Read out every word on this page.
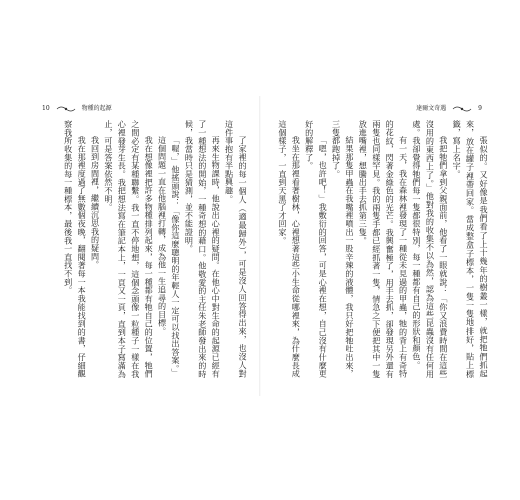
10	物種的起源

了家裡的每一個人（適最歸外），可是沒人回答得出來，也沒人對這件事抱有半點興趣。

再來生物課時，他說出心裡的疑問。在他心中對生命的起源已經有了一種想法的開始，一種奇想的藉口。他敬愛的主任朱老師發出來的時候，我當時只是猜測，並不能證明。

「喔，」他搖頭說：「像你這麼聰明的年輕人一定可以找出答案。」

這個問題一直在他腦裡打轉，成為他一生追尋的目標。

我在想像裡把許多物種排列起來，每一種都有牠自己的位置，牠們之間必定有某種聯繫。我一直不停地想，這個念頭像一粒種子一樣在我心裡發芽生長。我把想法寫在筆記本上，一頁又一頁，直到本子寫滿為止，可是答案依然不明。

我回到房間裡，繼續沉思我的疑問。

我在那裡度過了無數個夜晚，翻閱著每一本我能找到的書，仔細觀察我所收集的每一種標本，最後我一直找不到。

達爾文奇遇	9

張似的。又好像是我們看了上十幾年的樹叢一樣，就把牠們抓起來，放在罐子裡帶回家。當成整盒子標本，一隻一隻地排好，貼上標籤，寫上名字。

我把牠們拿到父親面前，他看了一眼就說：「你又浪費時間在這些沒用的東西上了。」他對我的收集不以為然，認為這些昆蟲沒有任何用處。我卻覺得牠們每一隻都很特別，每一種都有自己的形狀和顏色。

有一天，我在森林裡發現了一種從未見過的甲蟲，牠的背上有奇特的花紋，閃著金綠色的光芒。我興奮極了，用手去抓，卻發現另外還有兩隻也同樣罕見。我的兩隻手都已經抓著一隻，情急之下便把其中一隻放進嘴裡，想騰出手去抓第三隻。

結果那隻甲蟲在我嘴裡噴出一股辛辣的液體，我只好把牠吐出來，三隻都跑掉了。

「嗯，也許吧！」我敷衍的回答，可是心裡在想，自己沒有什麼更好的解釋了。

我坐在那裡看著樹林，心裡想著這些小生命從哪裡來，為什麼長成這個樣子，一直到天黑了才回家。
